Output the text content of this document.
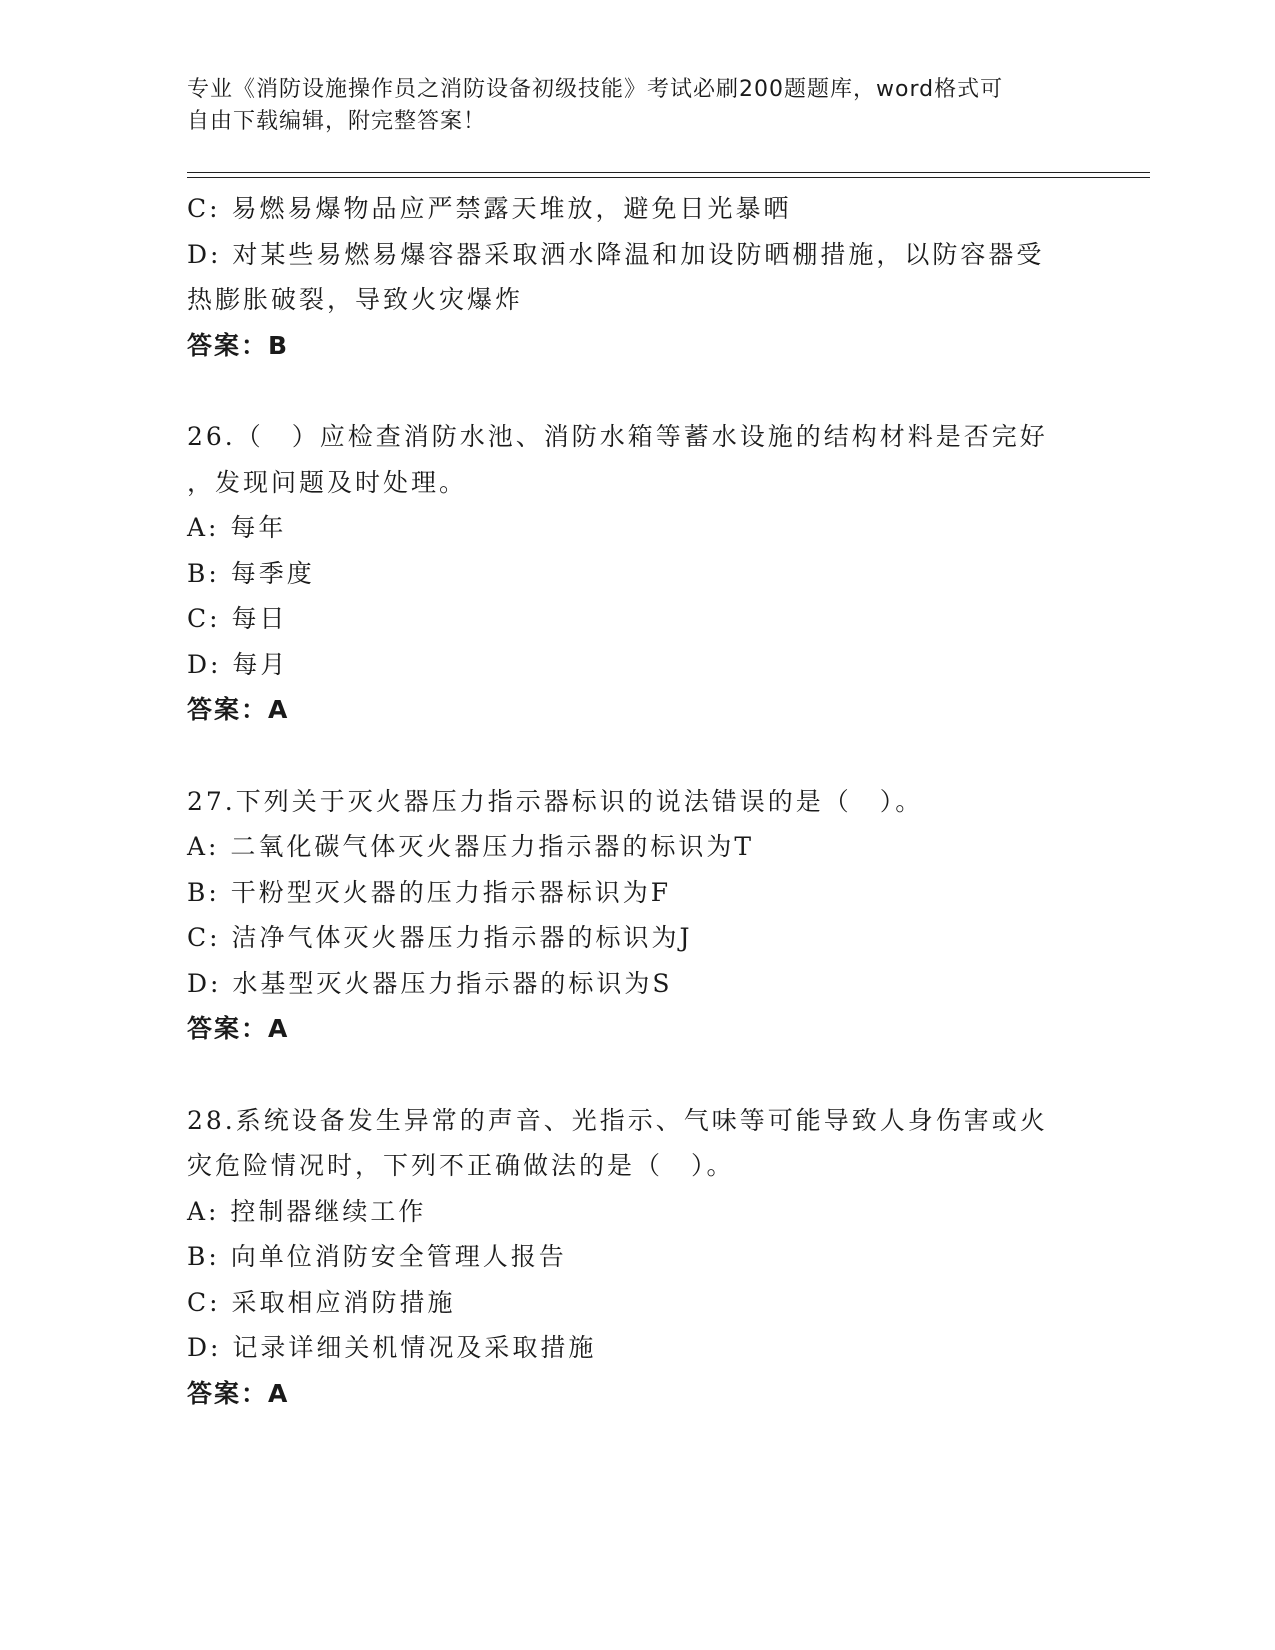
专业《消防设施操作员之消防设备初级技能》考试必刷200题题库，word格式可
自由下载编辑，附完整答案！
C: 易燃易爆物品应严禁露天堆放，避免日光暴晒
D: 对某些易燃易爆容器采取洒水降温和加设防晒棚措施，以防容器受
热膨胀破裂，导致火灾爆炸
答案：B
26.（　）应检查消防水池、消防水箱等蓄水设施的结构材料是否完好
，发现问题及时处理。
A: 每年
B: 每季度
C: 每日
D: 每月
答案：A
27.下列关于灭火器压力指示器标识的说法错误的是（　）。
A: 二氧化碳气体灭火器压力指示器的标识为T
B: 干粉型灭火器的压力指示器标识为F
C: 洁净气体灭火器压力指示器的标识为J
D: 水基型灭火器压力指示器的标识为S
答案：A
28.系统设备发生异常的声音、光指示、气味等可能导致人身伤害或火
灾危险情况时，下列不正确做法的是（　）。
A: 控制器继续工作
B: 向单位消防安全管理人报告
C: 采取相应消防措施
D: 记录详细关机情况及采取措施
答案：A
